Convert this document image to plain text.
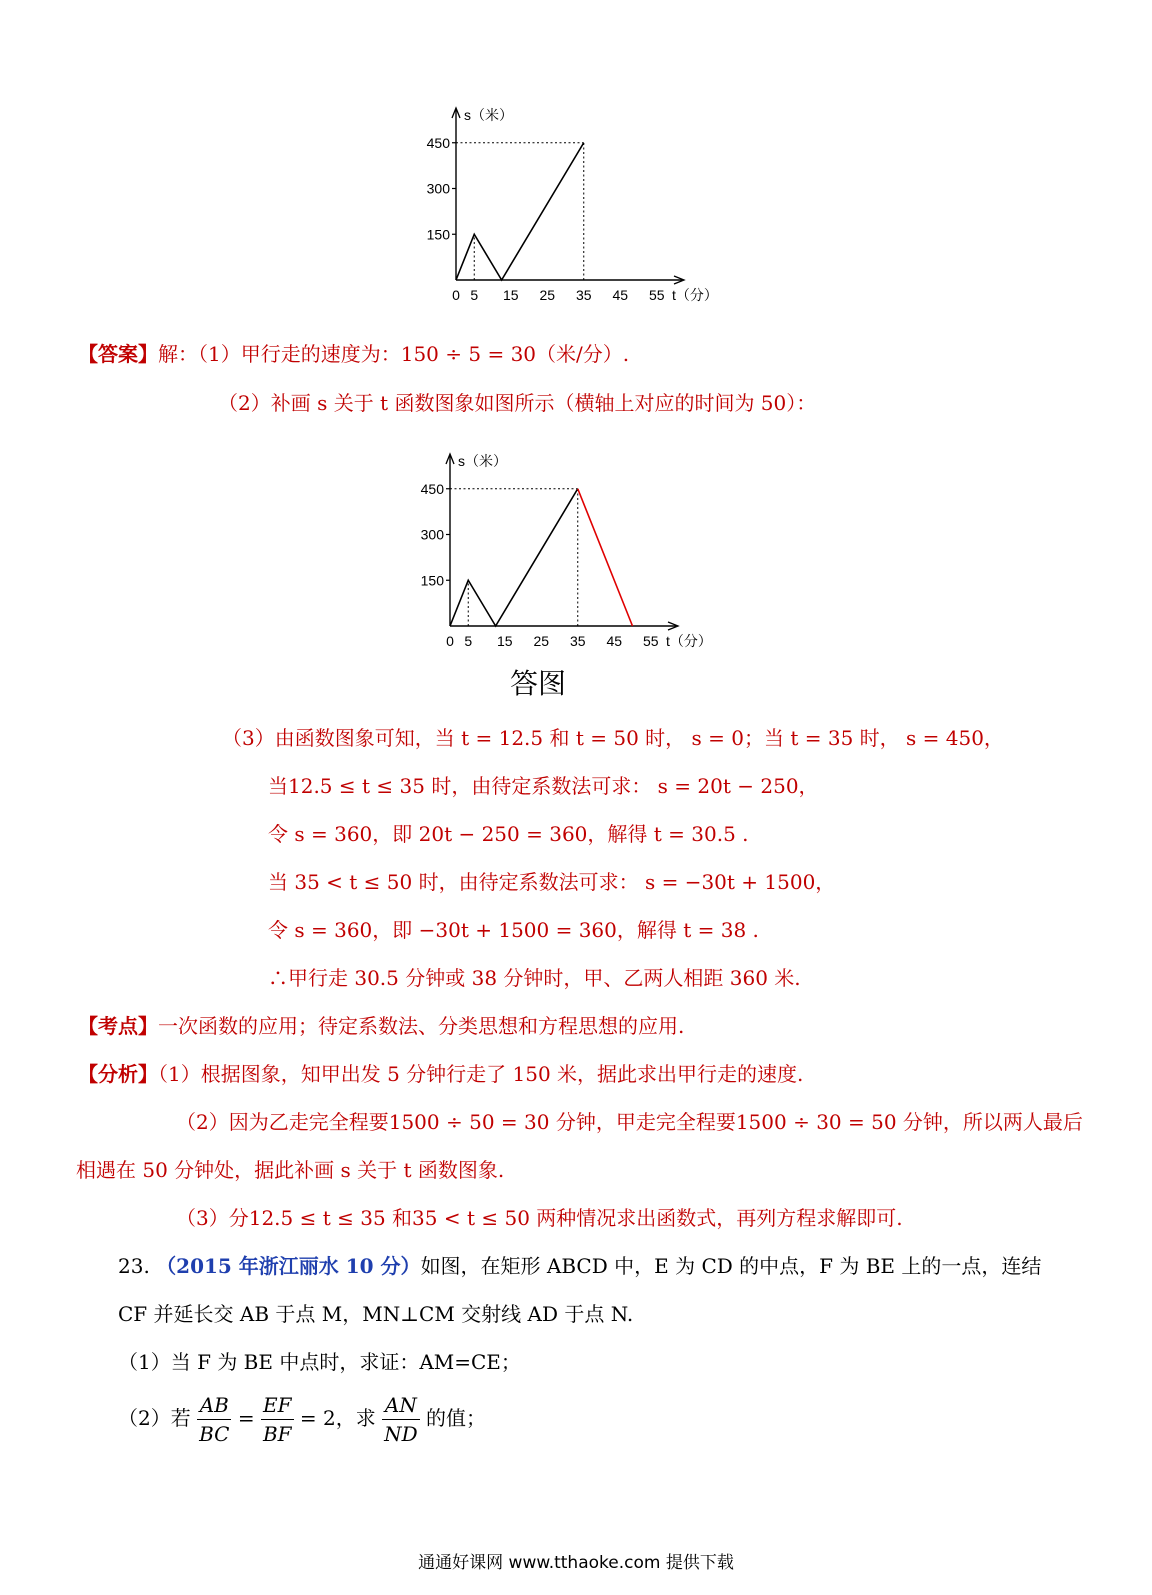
s（米）
t（分）
450
300
150
0 5 15 25 35 45 55
【答案】解：（1）甲行走的速度为：150 ÷ 5 = 30（米/分）.
（2）补画 s 关于 t 函数图象如图所示（横轴上对应的时间为 50）：
s（米）
t（分）
450
300
150
0 5 15 25 35 45 55
答图
（3）由函数图象可知，当 t = 12.5 和 t = 50 时， s = 0；当 t = 35 时， s = 450，
当12.5 ≤ t ≤ 35 时，由待定系数法可求： s = 20t − 250，
令 s = 360，即 20t − 250 = 360，解得 t = 30.5 .
当 35 < t ≤ 50 时，由待定系数法可求： s = −30t + 1500，
令 s = 360，即 −30t + 1500 = 360，解得 t = 38 .
∴甲行走 30.5 分钟或 38 分钟时，甲、乙两人相距 360 米.
【考点】一次函数的应用；待定系数法、分类思想和方程思想的应用.
【分析】（1）根据图象，知甲出发 5 分钟行走了 150 米，据此求出甲行走的速度.
（2）因为乙走完全程要1500 ÷ 50 = 30 分钟，甲走完全程要1500 ÷ 30 = 50 分钟，所以两人最后
相遇在 50 分钟处，据此补画 s 关于 t 函数图象.
（3）分12.5 ≤ t ≤ 35 和35 < t ≤ 50 两种情况求出函数式，再列方程求解即可.
23. （2015 年浙江丽水 10 分）如图，在矩形 ABCD 中，E 为 CD 的中点，F 为 BE 上的一点，连结
CF 并延长交 AB 于点 M，MN⊥CM 交射线 AD 于点 N.
（1）当 F 为 BE 中点时，求证：AM=CE；
（2）若 $\frac{AB}{BC} = \frac{EF}{BF} = 2$，求 $\frac{AN}{ND}$ 的值；
通通好课网 www.tthaoke.com 提供下载
